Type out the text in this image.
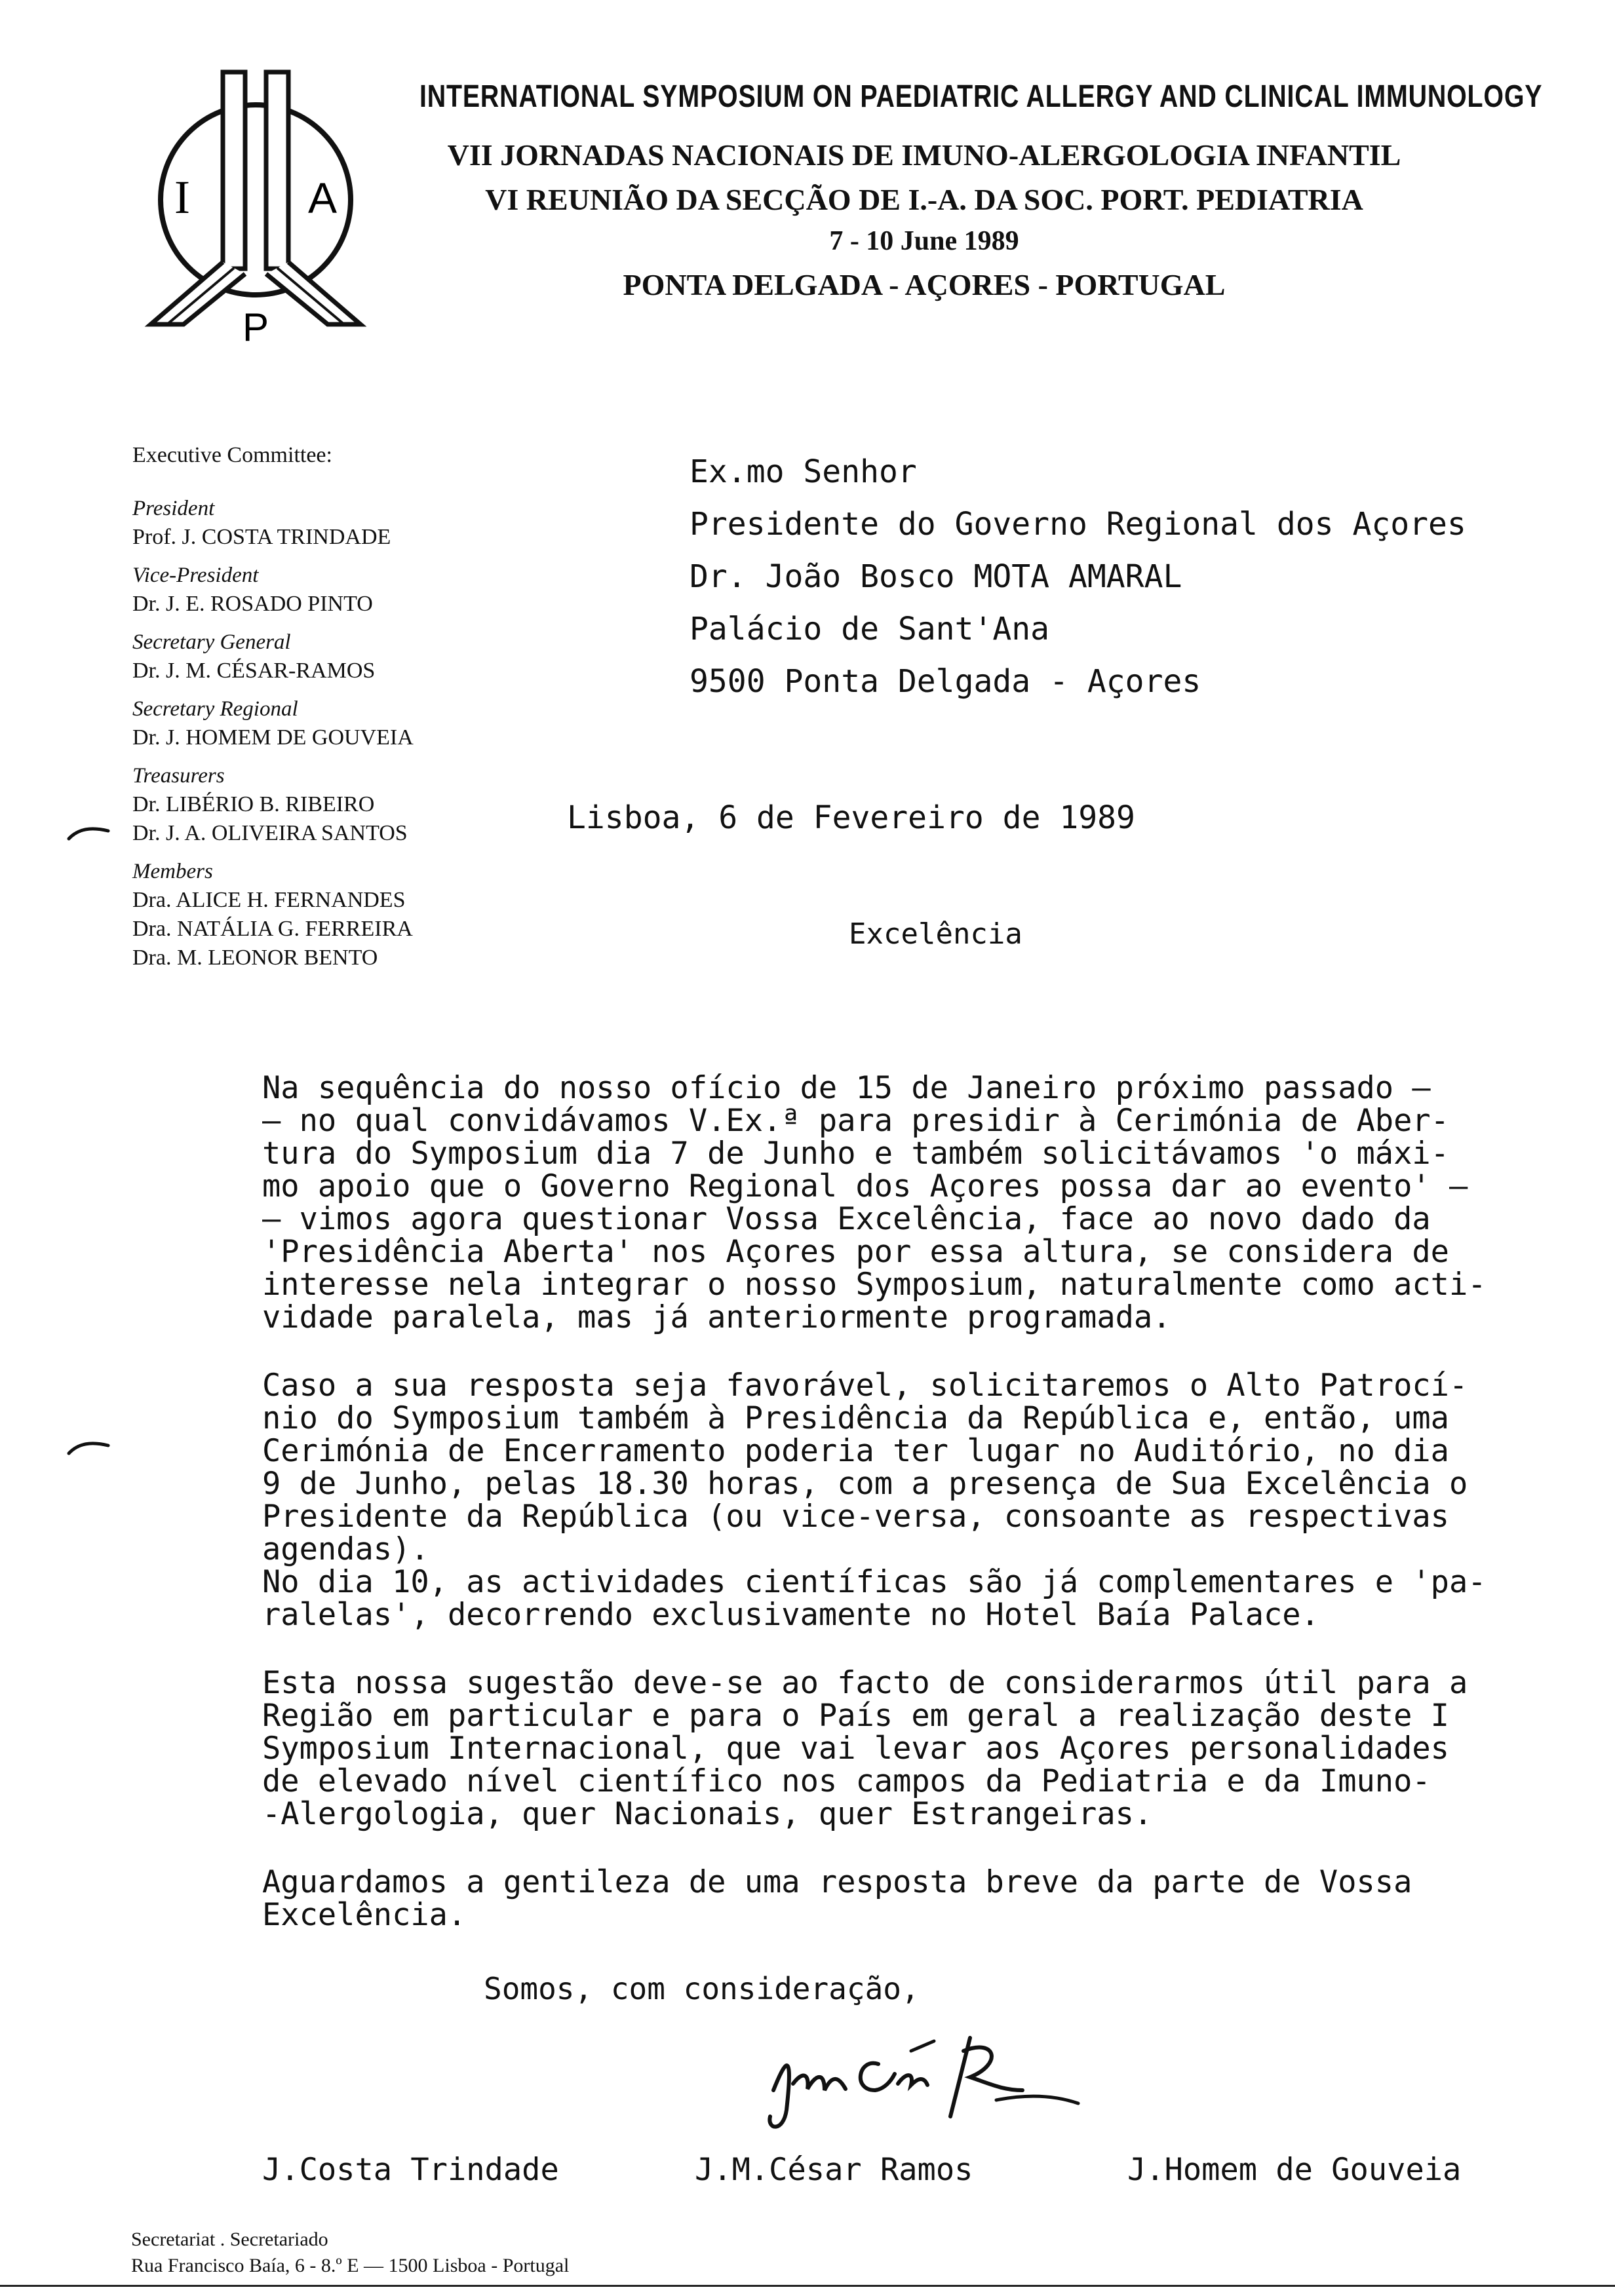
I	A
P
INTERNATIONAL SYMPOSIUM ON PAEDIATRIC ALLERGY AND CLINICAL IMMUNOLOGY
VII JORNADAS NACIONAIS DE IMUNO-ALERGOLOGIA INFANTIL
VI REUNIÃO DA SECÇÃO DE I.-A. DA SOC. PORT. PEDIATRIA
7 - 10 June 1989
PONTA DELGADA - AÇORES - PORTUGAL
Executive Committee:
President
Prof. J. COSTA TRINDADE
Vice-President
Dr. J. E. ROSADO PINTO
Secretary General
Dr. J. M. CÉSAR-RAMOS
Secretary Regional
Dr. J. HOMEM DE GOUVEIA
Treasurers
Dr. LIBÉRIO B. RIBEIRO
Dr. J. A. OLIVEIRA SANTOS
Members
Dra. ALICE H. FERNANDES
Dra. NATÁLIA G. FERREIRA
Dra. M. LEONOR BENTO
Ex.mo Senhor
Presidente do Governo Regional dos Açores
Dr. João Bosco MOTA AMARAL
Palácio de Sant'Ana
9500 Ponta Delgada - Açores
Lisboa, 6 de Fevereiro de 1989
Excelência

Na sequência do nosso ofício de 15 de Janeiro próximo passado —
— no qual convidávamos V.Ex.ª para presidir à Cerimónia de Aber-
tura do Symposium dia 7 de Junho e também solicitávamos 'o máxi-
mo apoio que o Governo Regional dos Açores possa dar ao evento' —
— vimos agora questionar Vossa Excelência, face ao novo dado da
'Presidência Aberta' nos Açores por essa altura, se considera de
interesse nela integrar o nosso Symposium, naturalmente como acti-
vidade paralela, mas já anteriormente programada.

Caso a sua resposta seja favorável, solicitaremos o Alto Patrocí-
nio do Symposium também à Presidência da República e, então, uma
Cerimónia de Encerramento poderia ter lugar no Auditório, no dia
9 de Junho, pelas 18.30 horas, com a presença de Sua Excelência o
Presidente da República (ou vice-versa, consoante as respectivas
agendas).
No dia 10, as actividades científicas são já complementares e 'pa-
ralelas', decorrendo exclusivamente no Hotel Baía Palace.

Esta nossa sugestão deve-se ao facto de considerarmos útil para a
Região em particular e para o País em geral a realização deste I
Symposium Internacional, que vai levar aos Açores personalidades
de elevado nível científico nos campos da Pediatria e da Imuno-
-Alergologia, quer Nacionais, quer Estrangeiras.

Aguardamos a gentileza de uma resposta breve da parte de Vossa
Excelência.

Somos, com consideração,
J.Costa Trindade	J.M.César Ramos	J.Homem de Gouveia
Secretariat . Secretariado
Rua Francisco Baía, 6 - 8.º E — 1500 Lisboa - Portugal
